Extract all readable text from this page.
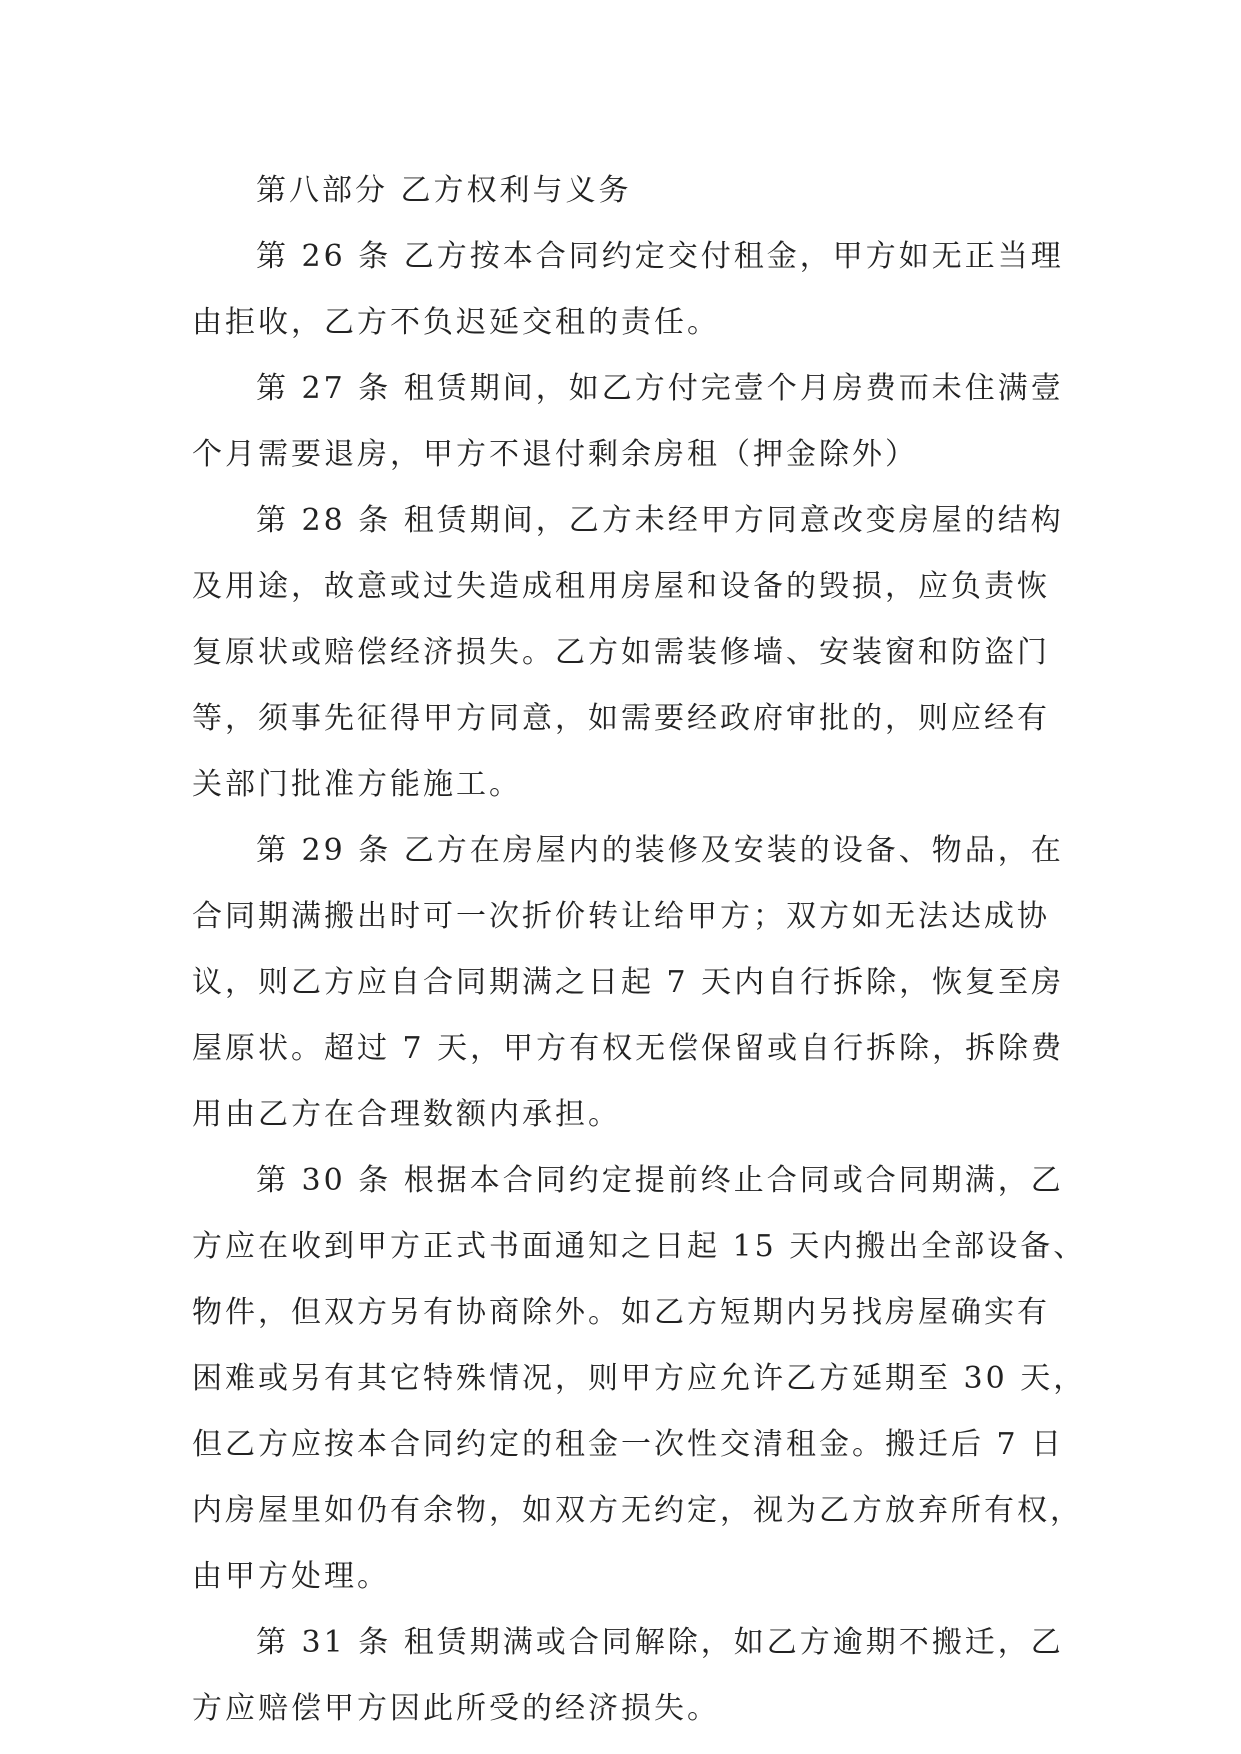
第八部分 乙方权利与义务
第 26 条 乙方按本合同约定交付租金，甲方如无正当理
由拒收，乙方不负迟延交租的责任。
第 27 条 租赁期间，如乙方付完壹个月房费而未住满壹
个月需要退房，甲方不退付剩余房租（押金除外）
第 28 条 租赁期间，乙方未经甲方同意改变房屋的结构
及用途，故意或过失造成租用房屋和设备的毁损，应负责恢
复原状或赔偿经济损失。乙方如需装修墙、安装窗和防盗门
等，须事先征得甲方同意，如需要经政府审批的，则应经有
关部门批准方能施工。
第 29 条 乙方在房屋内的装修及安装的设备、物品，在
合同期满搬出时可一次折价转让给甲方；双方如无法达成协
议，则乙方应自合同期满之日起 7 天内自行拆除，恢复至房
屋原状。超过 7 天，甲方有权无偿保留或自行拆除，拆除费
用由乙方在合理数额内承担。
第 30 条 根据本合同约定提前终止合同或合同期满，乙
方应在收到甲方正式书面通知之日起 15 天内搬出全部设备、
物件，但双方另有协商除外。如乙方短期内另找房屋确实有
困难或另有其它特殊情况，则甲方应允许乙方延期至 30 天，
但乙方应按本合同约定的租金一次性交清租金。搬迁后 7 日
内房屋里如仍有余物，如双方无约定，视为乙方放弃所有权，
由甲方处理。
第 31 条 租赁期满或合同解除，如乙方逾期不搬迁，乙
方应赔偿甲方因此所受的经济损失。
